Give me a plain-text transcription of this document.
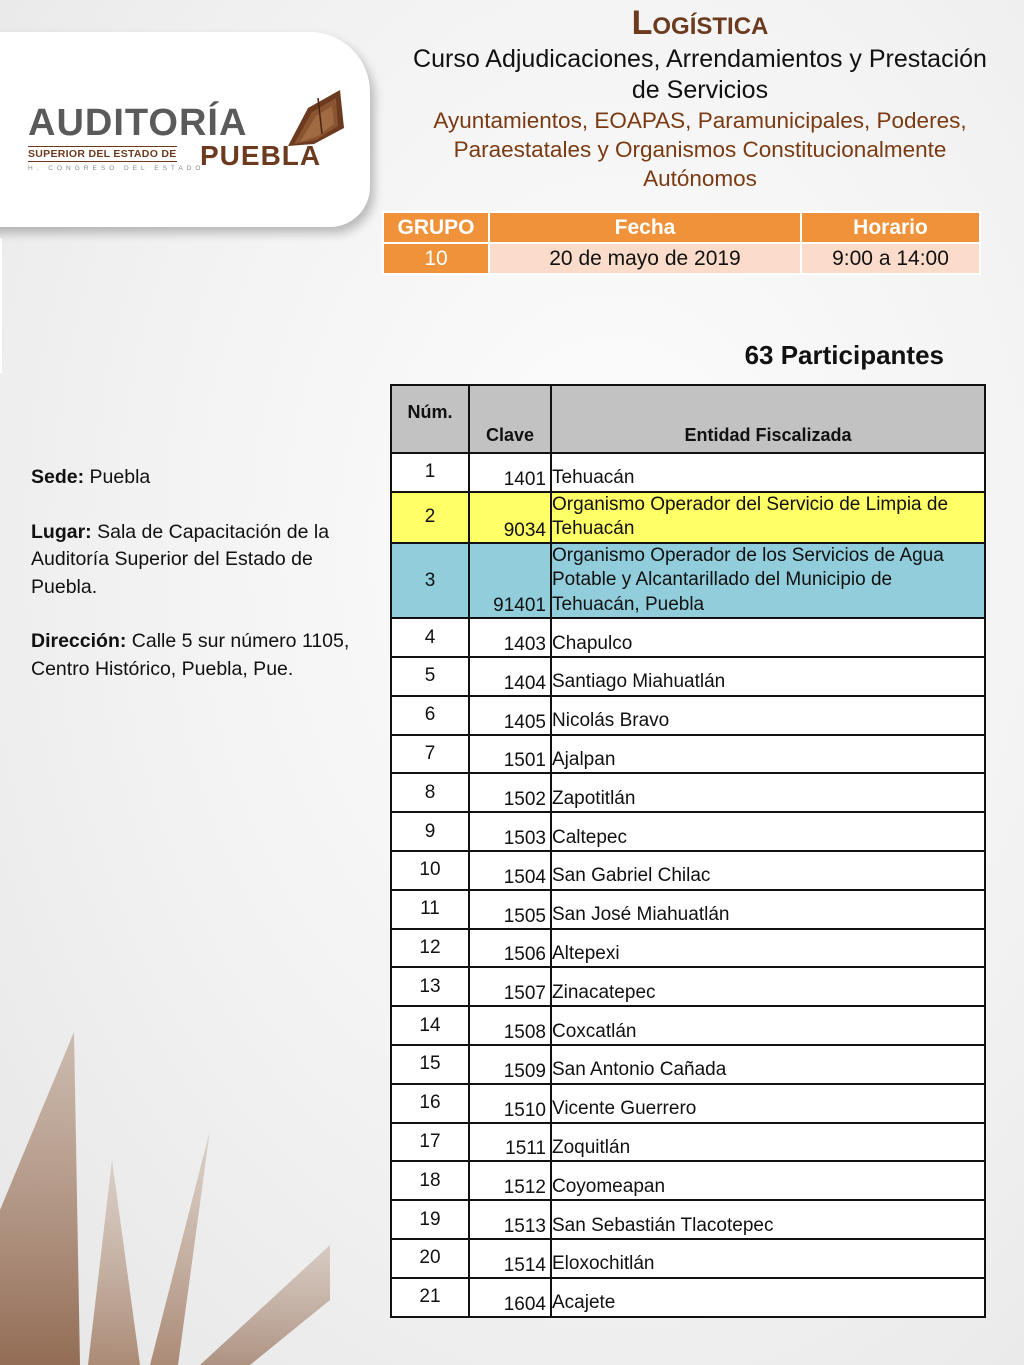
AUDITORÍA
SUPERIOR DEL ESTADO DE PUEBLA
H. CONGRESO DEL ESTADO
Logística
Curso Adjudicaciones, Arrendamientos y Prestación de Servicios
Ayuntamientos, EOAPAS, Paramunicipales, Poderes, Paraestatales y Organismos Constitucionalmente Autónomos
GRUPO	Fecha	Horario
10	20 de mayo de 2019	9:00 a 14:00
63 Participantes

Sede: Puebla

Lugar: Sala de Capacitación de la Auditoría Superior del Estado de Puebla.

Dirección: Calle 5 sur número 1105, Centro Histórico, Puebla, Pue.

Núm.	Clave	Entidad Fiscalizada
1	1401	Tehuacán
2	9034	Organismo Operador del Servicio de Limpia de Tehuacán
3	91401	Organismo Operador de los Servicios de Agua Potable y Alcantarillado del Municipio de Tehuacán, Puebla
4	1403	Chapulco
5	1404	Santiago Miahuatlán
6	1405	Nicolás Bravo
7	1501	Ajalpan
8	1502	Zapotitlán
9	1503	Caltepec
10	1504	San Gabriel Chilac
11	1505	San José Miahuatlán
12	1506	Altepexi
13	1507	Zinacatepec
14	1508	Coxcatlán
15	1509	San Antonio Cañada
16	1510	Vicente Guerrero
17	1511	Zoquitlán
18	1512	Coyomeapan
19	1513	San Sebastián Tlacotepec
20	1514	Eloxochitlán
21	1604	Acajete
